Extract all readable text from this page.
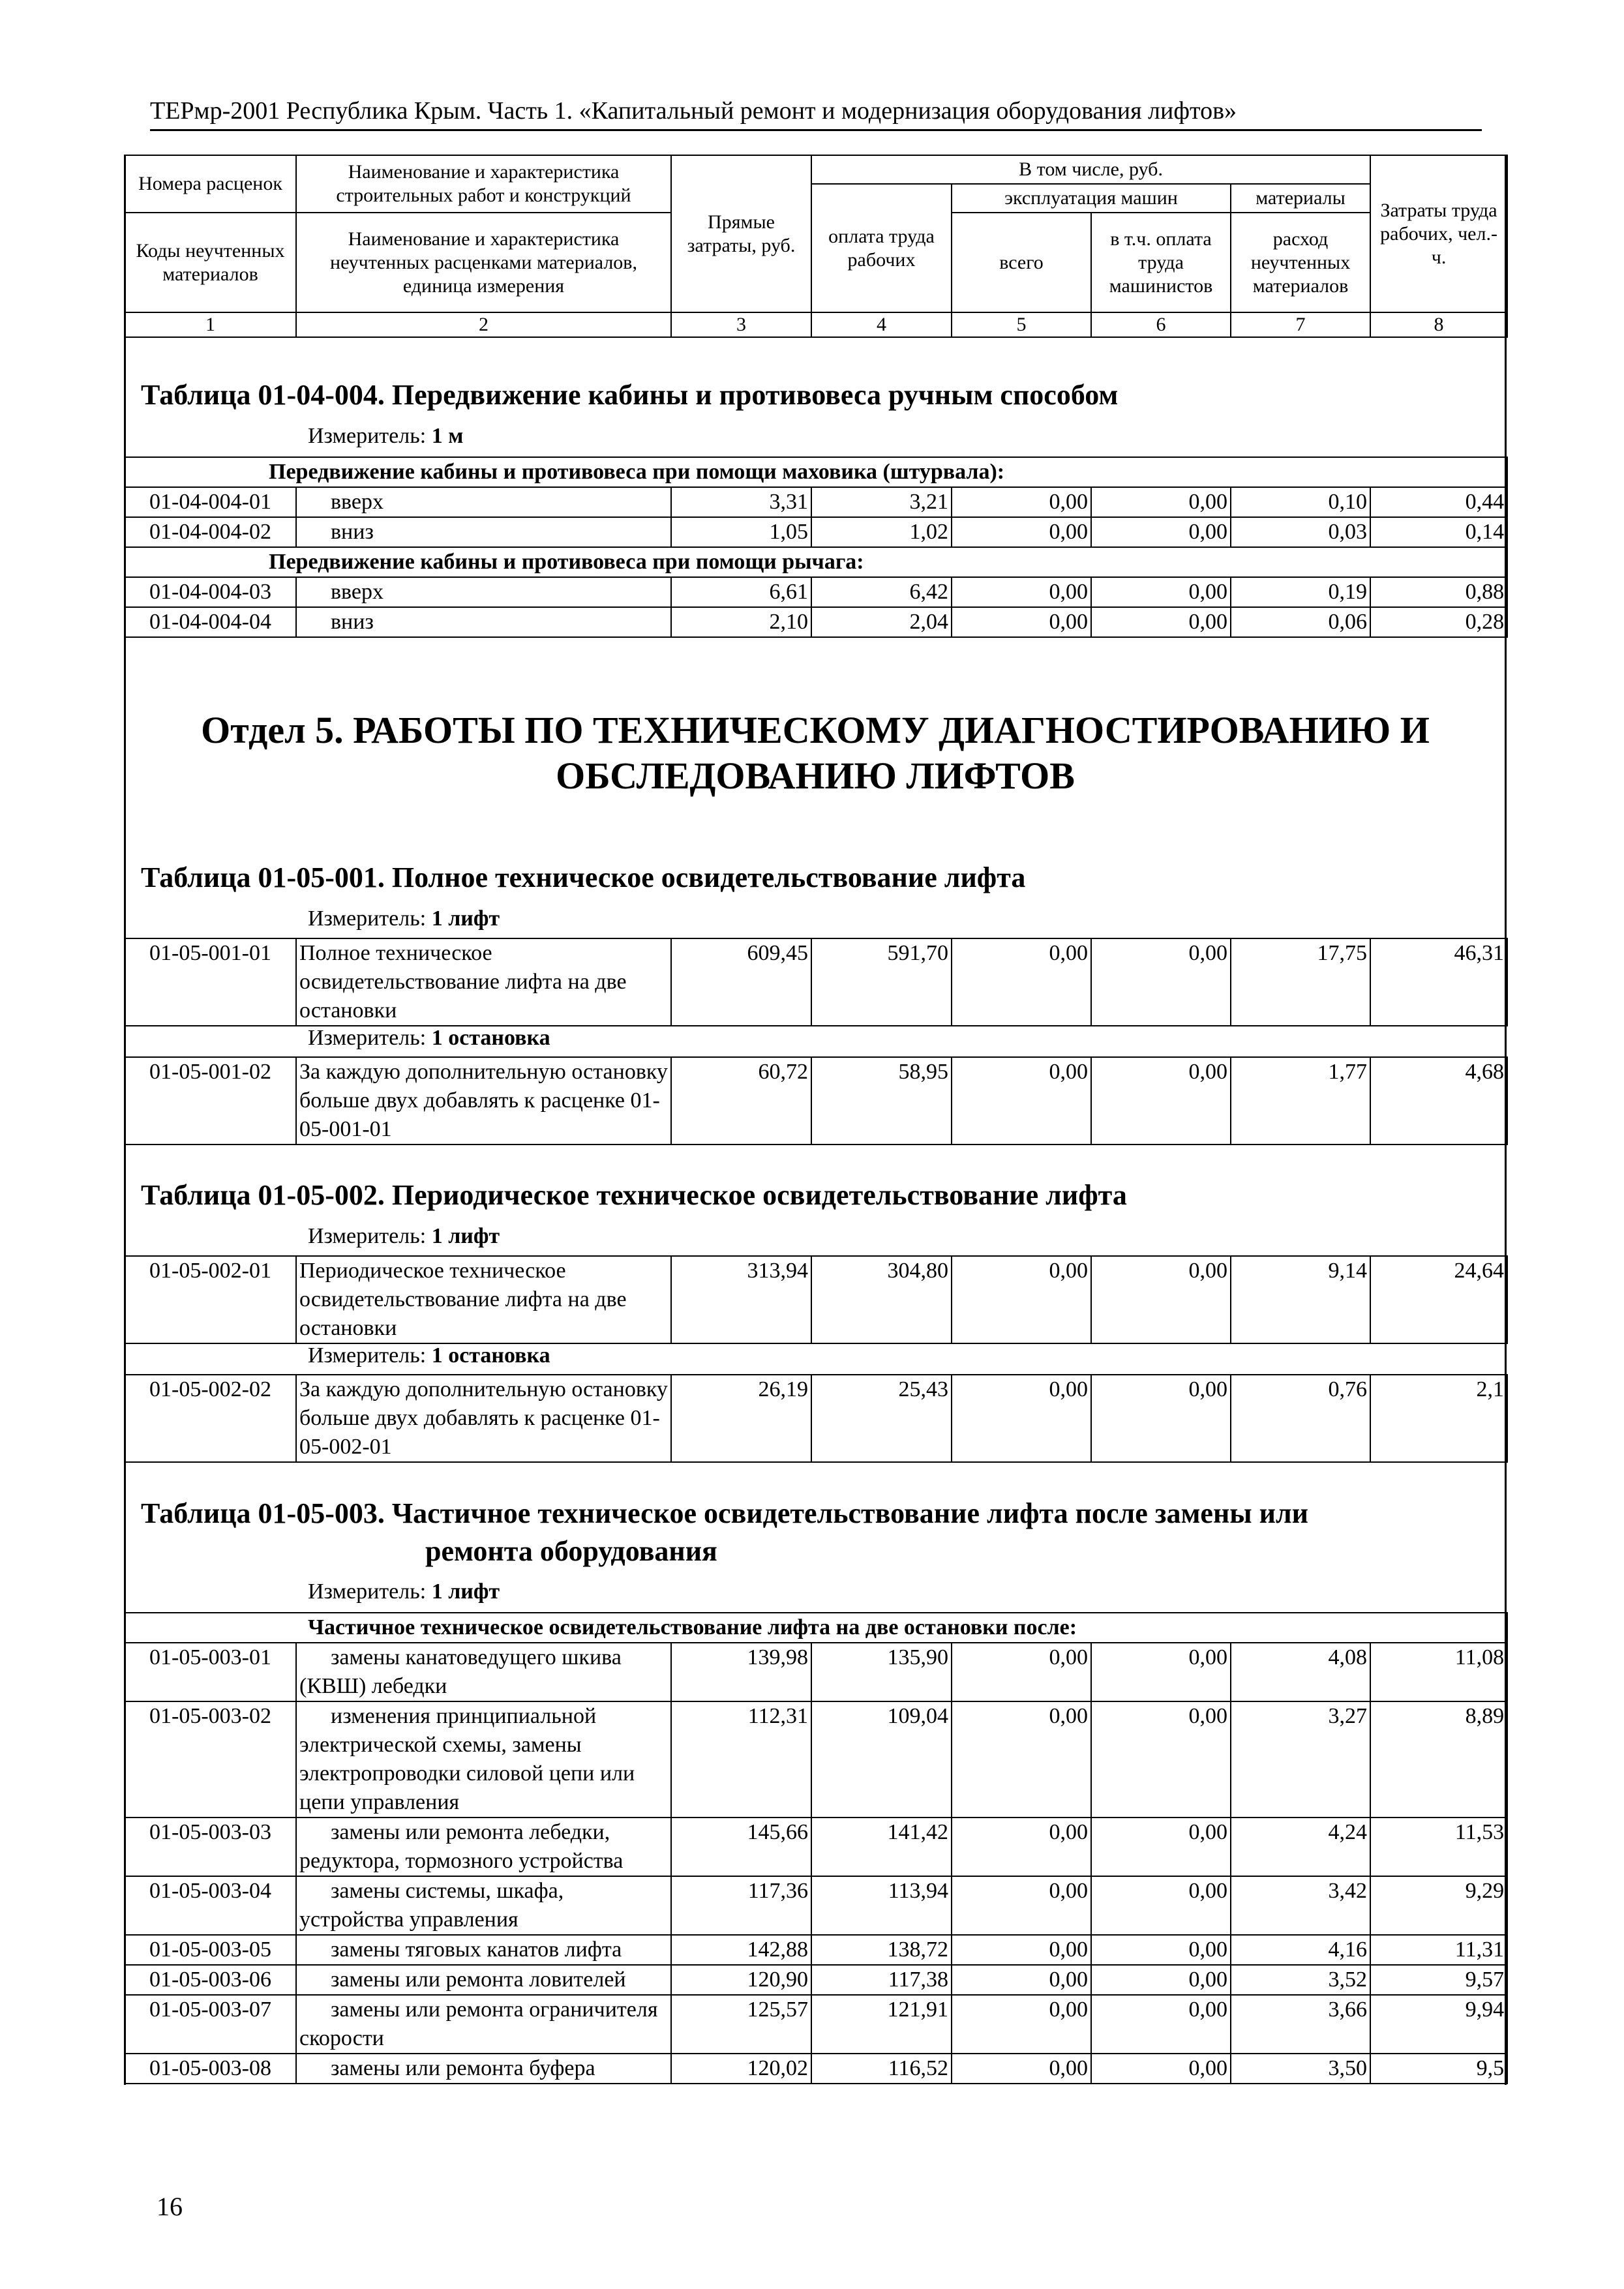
ТЕРмр-2001 Республика Крым. Часть 1. «Капитальный ремонт и модернизация оборудования лифтов»
Номера расценок	Наименование и характеристика строительных работ и конструкций	Прямые затраты, руб.	В том числе, руб.				Затраты труда рабочих, чел.-ч.
			оплата труда рабочих	эксплуатация машин		материалы	
Коды неучтенных материалов	Наименование и характеристика неучтенных расценками материалов, единица измерения			всего	в т.ч. оплата труда машинистов	расход неучтенных материалов	

1	2	3	4	5	6	7	8
Таблица 01-04-004. Передвижение кабины и противовеса ручным способом
Измеритель: 1 м
Передвижение кабины и противовеса при помощи маховика (штурвала):							
01-04-004-01	вверх	3,31	3,21	0,00	0,00	0,10	0,44
01-04-004-02	вниз	1,05	1,02	0,00	0,00	0,03	0,14
Передвижение кабины и противовеса при помощи рычага:							
01-04-004-03	вверх	6,61	6,42	0,00	0,00	0,19	0,88
01-04-004-04	вниз	2,10	2,04	0,00	0,00	0,06	0,28
Отдел 5. РАБОТЫ ПО ТЕХНИЧЕСКОМУ ДИАГНОСТИРОВАНИЮ И
ОБСЛЕДОВАНИЮ ЛИФТОВ
Таблица 01-05-001. Полное техническое освидетельствование лифта
Измеритель: 1 лифт
01-05-001-01	Полное техническое освидетельствование лифта на две остановки	609,45	591,70	0,00	0,00	17,75	46,31
Измеритель: 1 остановка
01-05-001-02	За каждую дополнительную остановку больше двух добавлять к расценке 01-05-001-01	60,72	58,95	0,00	0,00	1,77	4,68
Таблица 01-05-002. Периодическое техническое освидетельствование лифта
Измеритель: 1 лифт
01-05-002-01	Периодическое техническое освидетельствование лифта на две остановки	313,94	304,80	0,00	0,00	9,14	24,64
Измеритель: 1 остановка
01-05-002-02	За каждую дополнительную остановку больше двух добавлять к расценке 01-05-002-01	26,19	25,43	0,00	0,00	0,76	2,1
Таблица 01-05-003. Частичное техническое освидетельствование лифта после замены или
ремонта оборудования
Измеритель: 1 лифт
Частичное техническое освидетельствование лифта на две остановки после:							
01-05-003-01	замены канатоведущего шкива (КВШ) лебедки	139,98	135,90	0,00	0,00	4,08	11,08
01-05-003-02	изменения принципиальной электрической схемы, замены электропроводки силовой цепи или цепи управления	112,31	109,04	0,00	0,00	3,27	8,89
01-05-003-03	замены или ремонта лебедки, редуктора, тормозного устройства	145,66	141,42	0,00	0,00	4,24	11,53
01-05-003-04	замены системы, шкафа, устройства управления	117,36	113,94	0,00	0,00	3,42	9,29
01-05-003-05	замены тяговых канатов лифта	142,88	138,72	0,00	0,00	4,16	11,31
01-05-003-06	замены или ремонта ловителей	120,90	117,38	0,00	0,00	3,52	9,57
01-05-003-07	замены или ремонта ограничителя скорости	125,57	121,91	0,00	0,00	3,66	9,94
01-05-003-08	замены или ремонта буфера	120,02	116,52	0,00	0,00	3,50	9,5
16
